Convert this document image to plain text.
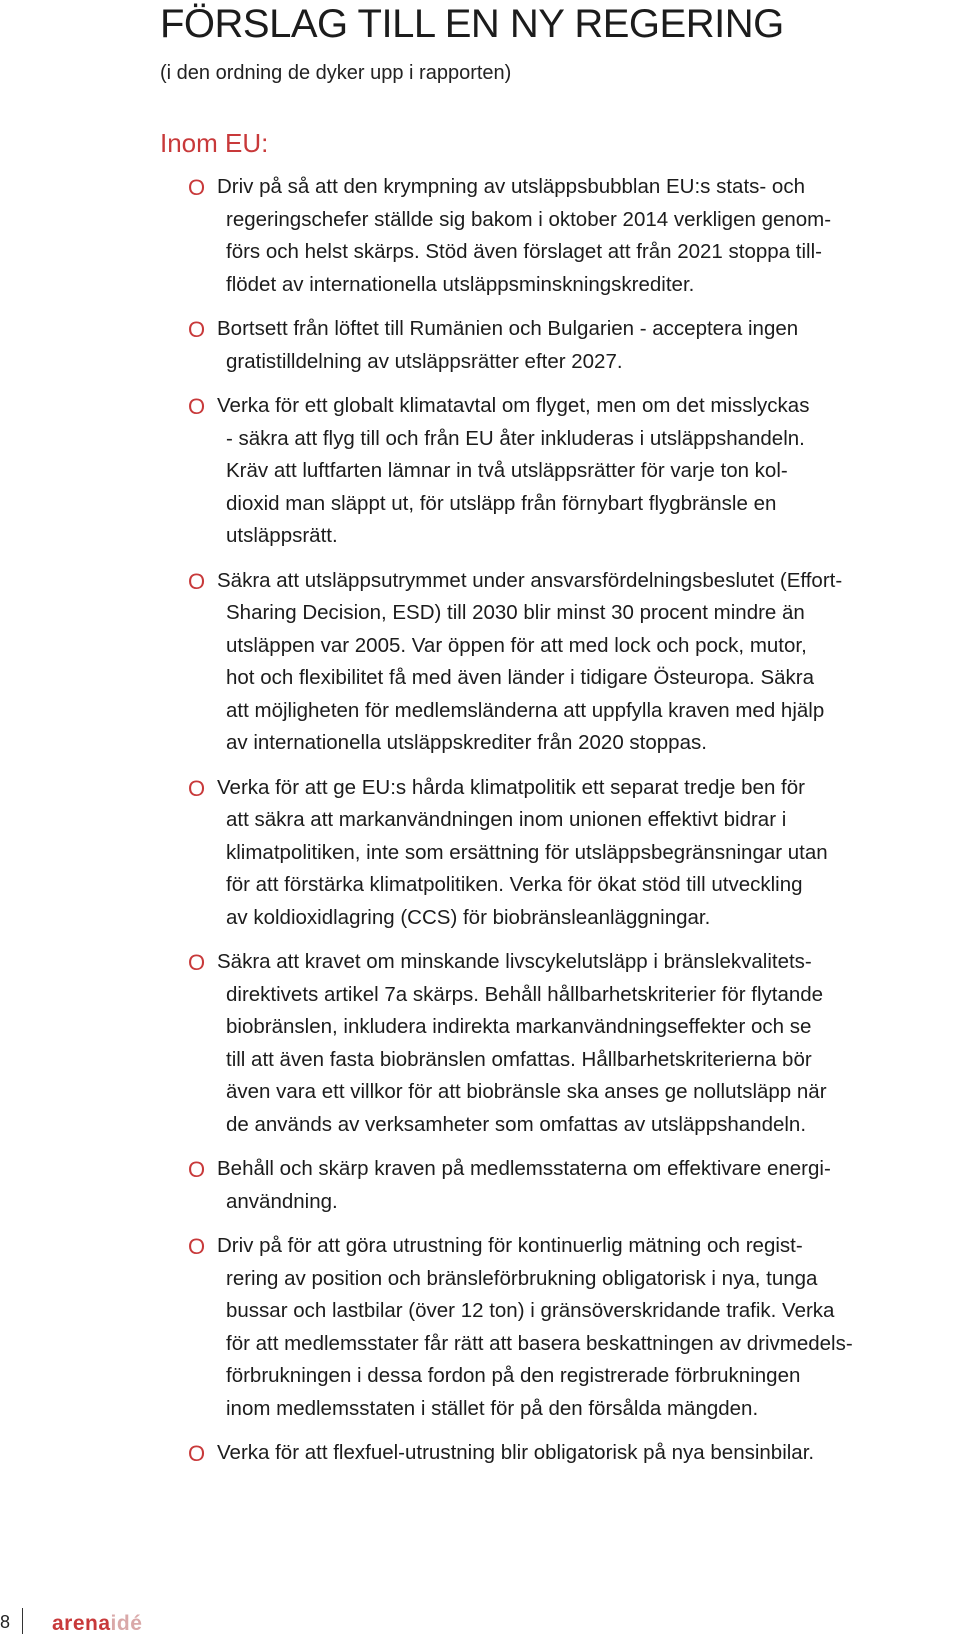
FÖRSLAG TILL EN NY REGERING

(i den ordning de dyker upp i rapporten)

Inom EU:
O Driv på så att den krympning av utsläppsbubblan EU:s stats- och
regeringschefer ställde sig bakom i oktober 2014 verkligen genom-
förs och helst skärps. Stöd även förslaget att från 2021 stoppa till-
flödet av internationella utsläppsminskningskrediter.
O Bortsett från löftet till Rumänien och Bulgarien - acceptera ingen
gratistilldelning av utsläppsrätter efter 2027.
O Verka för ett globalt klimatavtal om flyget, men om det misslyckas
- säkra att flyg till och från EU åter inkluderas i utsläppshandeln.
Kräv att luftfarten lämnar in två utsläppsrätter för varje ton kol-
dioxid man släppt ut, för utsläpp från förnybart flygbränsle en
utsläppsrätt.
O Säkra att utsläppsutrymmet under ansvarsfördelningsbeslutet (Effort-
Sharing Decision, ESD) till 2030 blir minst 30 procent mindre än
utsläppen var 2005. Var öppen för att med lock och pock, mutor,
hot och flexibilitet få med även länder i tidigare Östeuropa. Säkra
att möjligheten för medlemsländerna att uppfylla kraven med hjälp
av internationella utsläppskrediter från 2020 stoppas.
O Verka för att ge EU:s hårda klimatpolitik ett separat tredje ben för
att säkra att markanvändningen inom unionen effektivt bidrar i
klimatpolitiken, inte som ersättning för utsläppsbegränsningar utan
för att förstärka klimatpolitiken. Verka för ökat stöd till utveckling
av koldioxidlagring (CCS) för biobränsleanläggningar.
O Säkra att kravet om minskande livscykelutsläpp i bränslekvalitets-
direktivets artikel 7a skärps. Behåll hållbarhetskriterier för flytande
biobränslen, inkludera indirekta markanvändningseffekter och se
till att även fasta biobränslen omfattas. Hållbarhetskriterierna bör
även vara ett villkor för att biobränsle ska anses ge nollutsläpp när
de används av verksamheter som omfattas av utsläppshandeln.
O Behåll och skärp kraven på medlemsstaterna om effektivare energi-
användning.
O Driv på för att göra utrustning för kontinuerlig mätning och regist-
rering av position och bränsleförbrukning obligatorisk i nya, tunga
bussar och lastbilar (över 12 ton) i gränsöverskridande trafik. Verka
för att medlemsstater får rätt att basera beskattningen av drivmedels-
förbrukningen i dessa fordon på den registrerade förbrukningen
inom medlemsstaten i stället för på den försålda mängden.
O Verka för att flexfuel-utrustning blir obligatorisk på nya bensinbilar.
8 arenaidé
